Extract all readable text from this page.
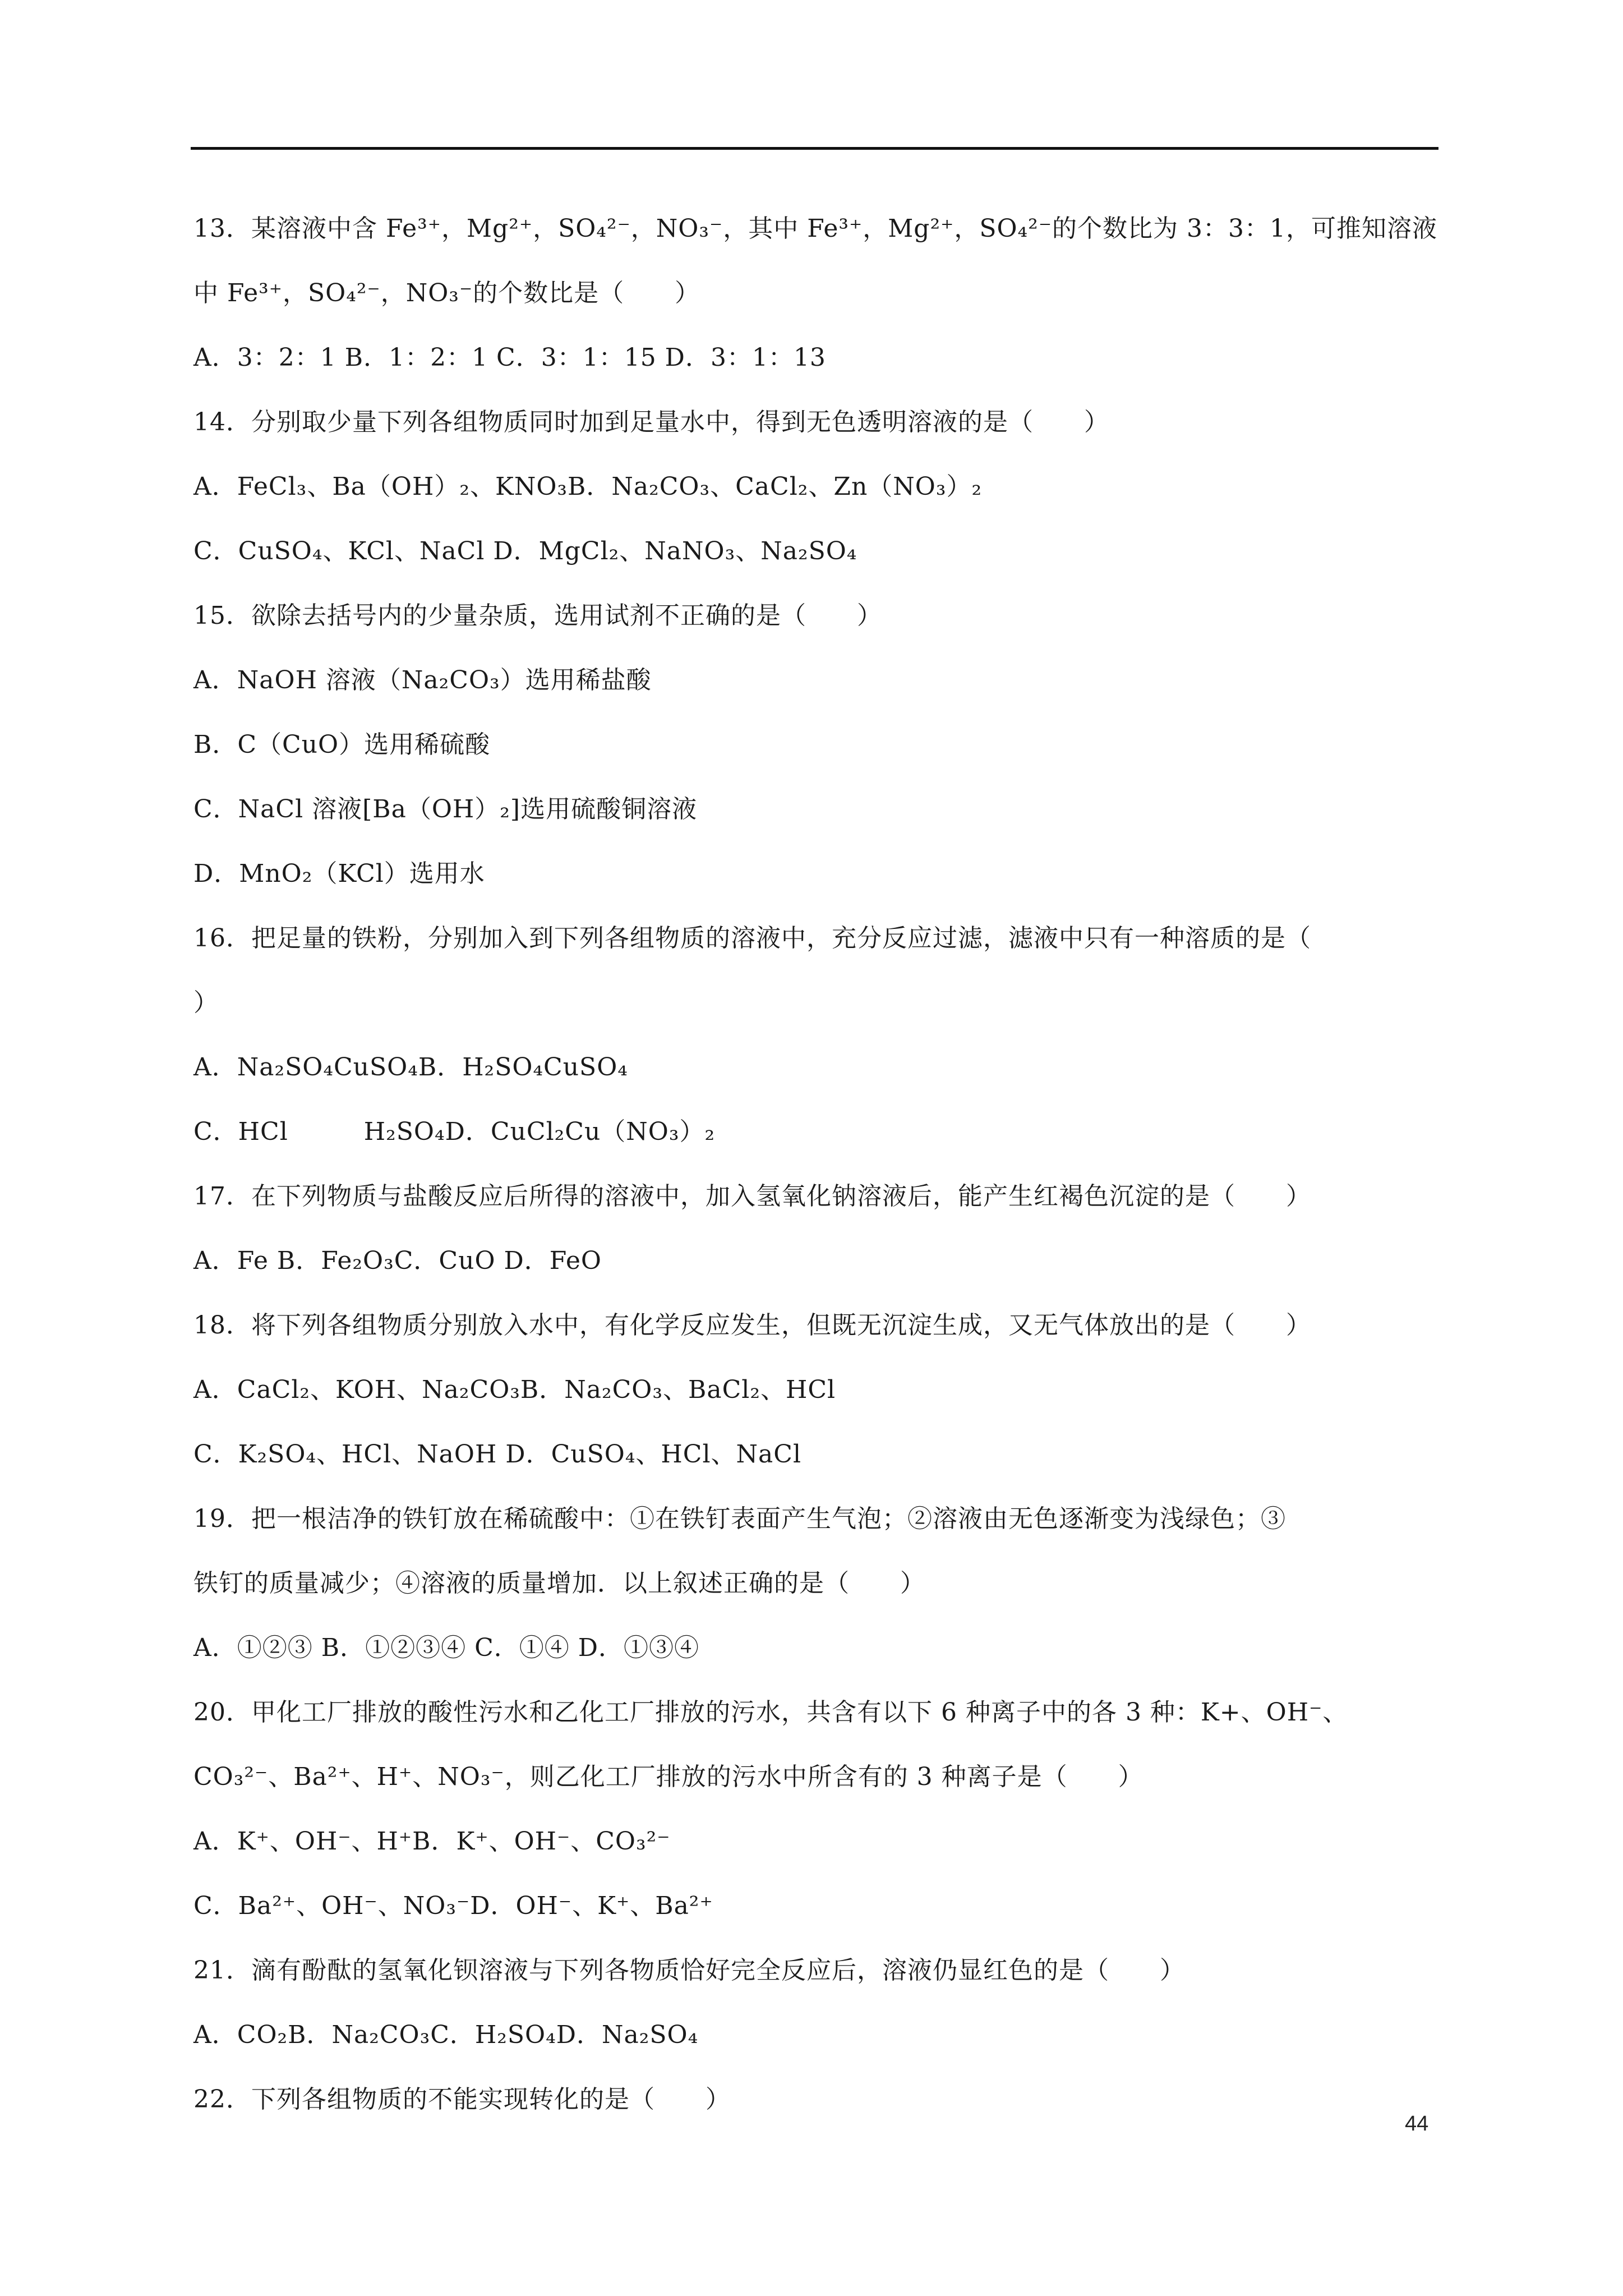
13．某溶液中含 Fe³⁺，Mg²⁺，SO₄²⁻，NO₃⁻，其中 Fe³⁺，Mg²⁺，SO₄²⁻的个数比为 3：3：1，可推知溶液
中 Fe³⁺，SO₄²⁻，NO₃⁻的个数比是（　　）
A．3：2：1 B．1：2：1 C．3：1：15 D．3：1：13
14．分别取少量下列各组物质同时加到足量水中，得到无色透明溶液的是（　　）
A．FeCl₃、Ba（OH）₂、KNO₃B．Na₂CO₃、CaCl₂、Zn（NO₃）₂
C．CuSO₄、KCl、NaCl D．MgCl₂、NaNO₃、Na₂SO₄
15．欲除去括号内的少量杂质，选用试剂不正确的是（　　）
A．NaOH 溶液（Na₂CO₃）选用稀盐酸
B．C（CuO）选用稀硫酸
C．NaCl 溶液[Ba（OH）₂]选用硫酸铜溶液
D．MnO₂（KCl）选用水
16．把足量的铁粉，分别加入到下列各组物质的溶液中，充分反应过滤，滤液中只有一种溶质的是（
）
A．Na₂SO₄CuSO₄B．H₂SO₄CuSO₄
C．HCl　　　H₂SO₄D．CuCl₂Cu（NO₃）₂
17．在下列物质与盐酸反应后所得的溶液中，加入氢氧化钠溶液后，能产生红褐色沉淀的是（　　）
A．Fe B．Fe₂O₃C．CuO D．FeO
18．将下列各组物质分别放入水中，有化学反应发生，但既无沉淀生成，又无气体放出的是（　　）
A．CaCl₂、KOH、Na₂CO₃B．Na₂CO₃、BaCl₂、HCl
C．K₂SO₄、HCl、NaOH D．CuSO₄、HCl、NaCl
19．把一根洁净的铁钉放在稀硫酸中：①在铁钉表面产生气泡；②溶液由无色逐渐变为浅绿色；③
铁钉的质量减少；④溶液的质量增加．以上叙述正确的是（　　）
A．①②③ B．①②③④ C．①④ D．①③④
20．甲化工厂排放的酸性污水和乙化工厂排放的污水，共含有以下 6 种离子中的各 3 种：K+、OH⁻、
CO₃²⁻、Ba²⁺、H⁺、NO₃⁻，则乙化工厂排放的污水中所含有的 3 种离子是（　　）
A．K⁺、OH⁻、H⁺B．K⁺、OH⁻、CO₃²⁻
C．Ba²⁺、OH⁻、NO₃⁻D．OH⁻、K⁺、Ba²⁺
21．滴有酚酞的氢氧化钡溶液与下列各物质恰好完全反应后，溶液仍显红色的是（　　）
A．CO₂B．Na₂CO₃C．H₂SO₄D．Na₂SO₄
22．下列各组物质的不能实现转化的是（　　）
44
